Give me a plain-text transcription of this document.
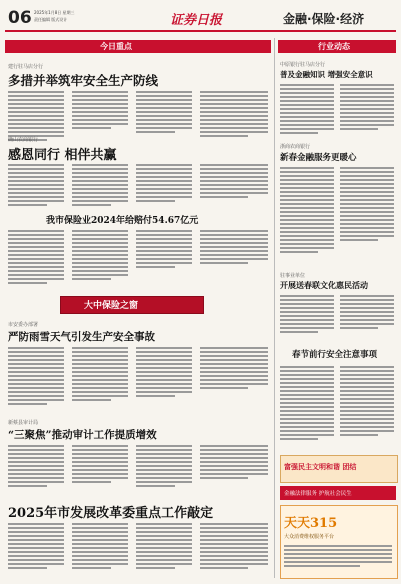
06 2025年1月8日 星期三
责任编辑 版式设计	证券日报	金融·保险·经济
今日重点
建行驻马店分行
多措并举筑牢安全生产防线
确山农商银行
感恩同行 相伴共赢
我市保险业2024年给赔付54.67亿元
大中保险之窗
市安委办部署
严防雨雪天气引发生产安全事故
新蔡县审计局
“三聚焦”推动审计工作提质增效
2025年市发展改革委重点工作敲定
行业动态
中原银行驻马店分行
普及金融知识 增强安全意识
浙商农商银行
新春金融服务更暖心
驻事业单位
开展送春联文化惠民活动
春节前行安全注意事项
富强民主文明和谐 团结
金融法律服务 护航社会民生
天天315
大众消费维权服务平台
